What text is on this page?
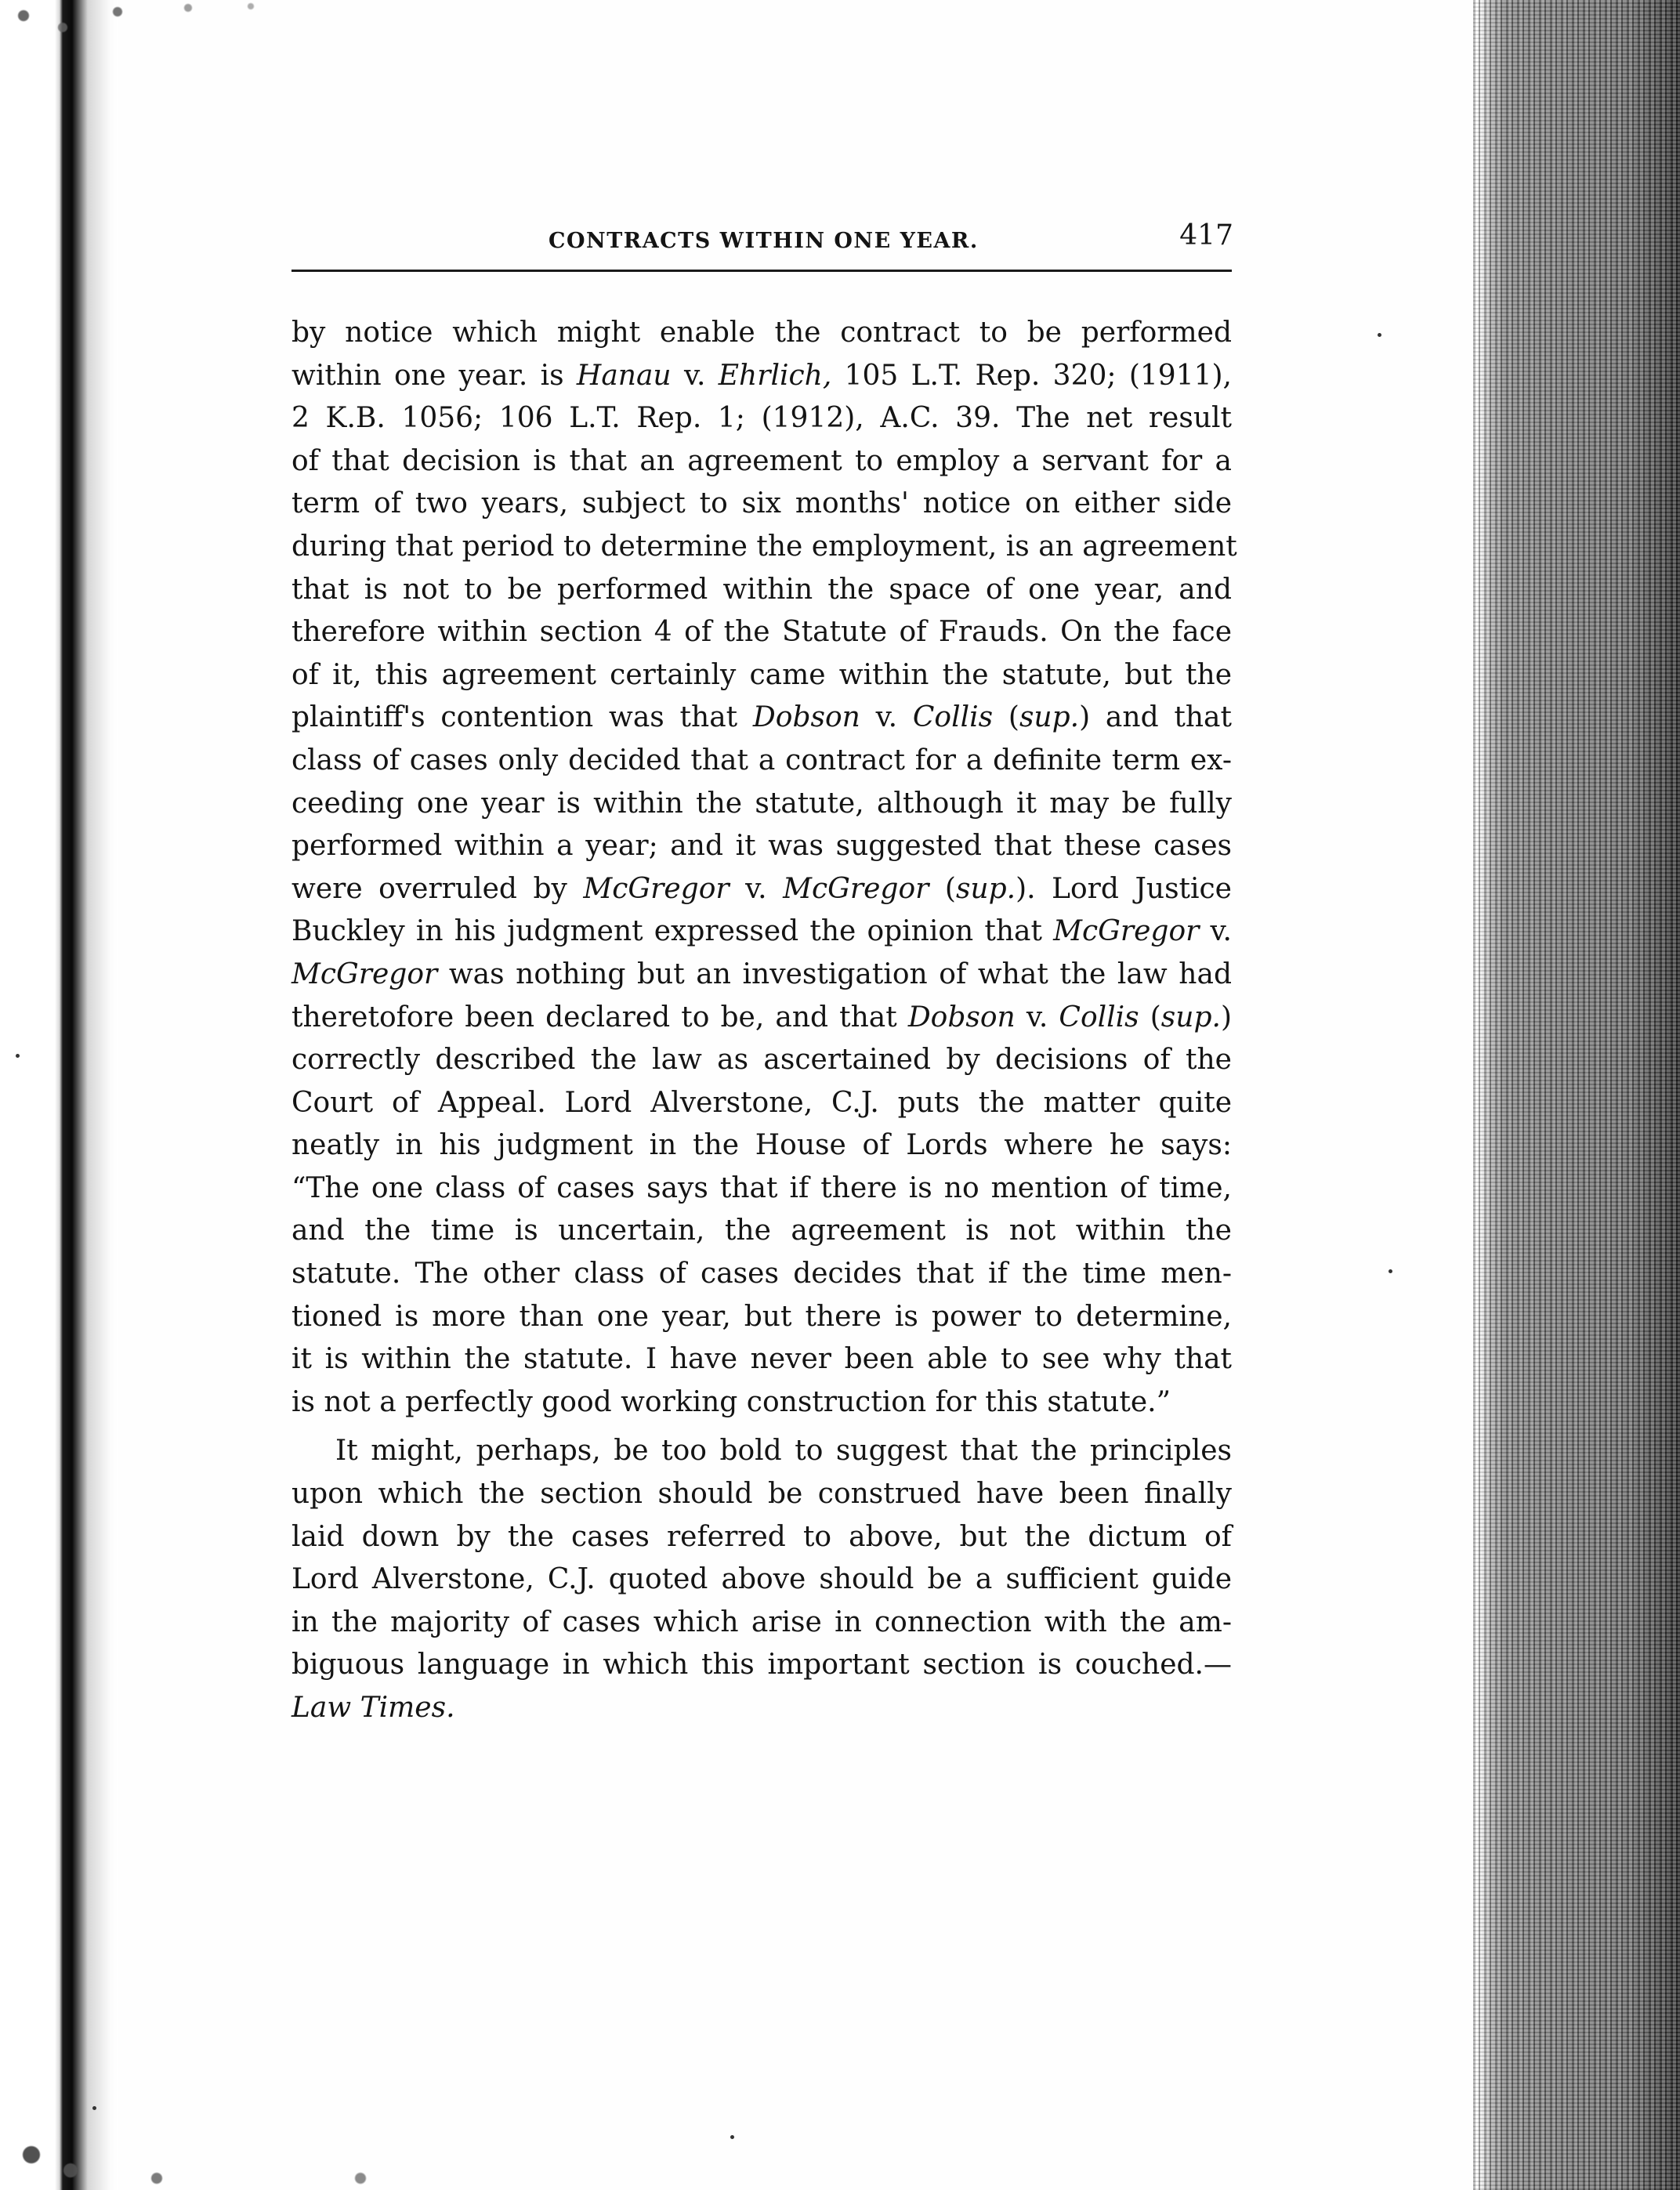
CONTRACTS WITHIN ONE YEAR.	417
by notice which might enable the contract to be performed
within one year. is Hanau v. Ehrlich, 105 L.T. Rep. 320; (1911),
2 K.B. 1056; 106 L.T. Rep. 1; (1912), A.C. 39. The net result
of that decision is that an agreement to employ a servant for a
term of two years, subject to six months' notice on either side
during that period to determine the employment, is an agreement
that is not to be performed within the space of one year, and
therefore within section 4 of the Statute of Frauds. On the face
of it, this agreement certainly came within the statute, but the
plaintiff's contention was that Dobson v. Collis (sup.) and that
class of cases only decided that a contract for a definite term ex-
ceeding one year is within the statute, although it may be fully
performed within a year; and it was suggested that these cases
were overruled by McGregor v. McGregor (sup.). Lord Justice
Buckley in his judgment expressed the opinion that McGregor v.
McGregor was nothing but an investigation of what the law had
theretofore been declared to be, and that Dobson v. Collis (sup.)
correctly described the law as ascertained by decisions of the
Court of Appeal. Lord Alverstone, C.J. puts the matter quite
neatly in his judgment in the House of Lords where he says:
“The one class of cases says that if there is no mention of time,
and the time is uncertain, the agreement is not within the
statute. The other class of cases decides that if the time men-
tioned is more than one year, but there is power to determine,
it is within the statute. I have never been able to see why that
is not a perfectly good working construction for this statute.”
It might, perhaps, be too bold to suggest that the principles
upon which the section should be construed have been finally
laid down by the cases referred to above, but the dictum of
Lord Alverstone, C.J. quoted above should be a sufficient guide
in the majority of cases which arise in connection with the am-
biguous language in which this important section is couched.—
Law Times.
